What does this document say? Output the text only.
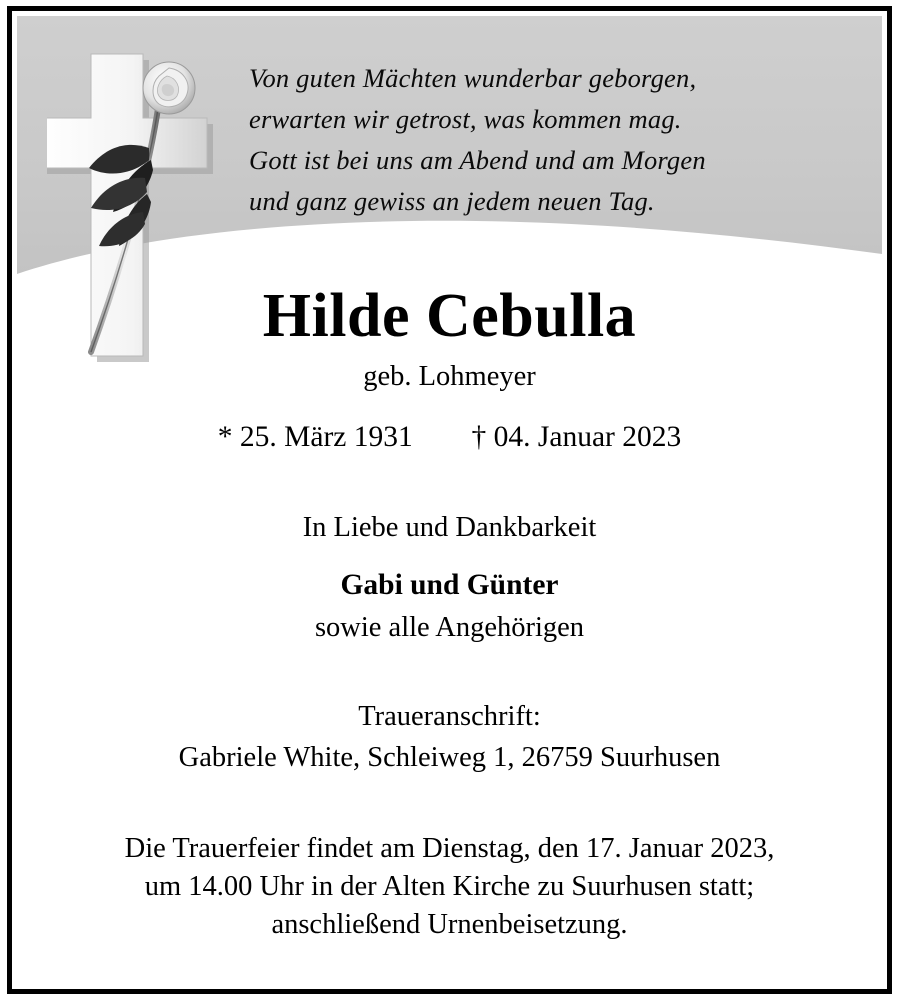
Von guten Mächten wunderbar geborgen,
erwarten wir getrost, was kommen mag.
Gott ist bei uns am Abend und am Morgen
und ganz gewiss an jedem neuen Tag.
Hilde Cebulla
geb. Lohmeyer
* 25. März 1931 † 04. Januar 2023
In Liebe und Dankbarkeit
Gabi und Günter
sowie alle Angehörigen
Traueranschrift:
Gabriele White, Schleiweg 1, 26759 Suurhusen
Die Trauerfeier findet am Dienstag, den 17. Januar 2023,
um 14.00 Uhr in der Alten Kirche zu Suurhusen statt;
anschließend Urnenbeisetzung.
